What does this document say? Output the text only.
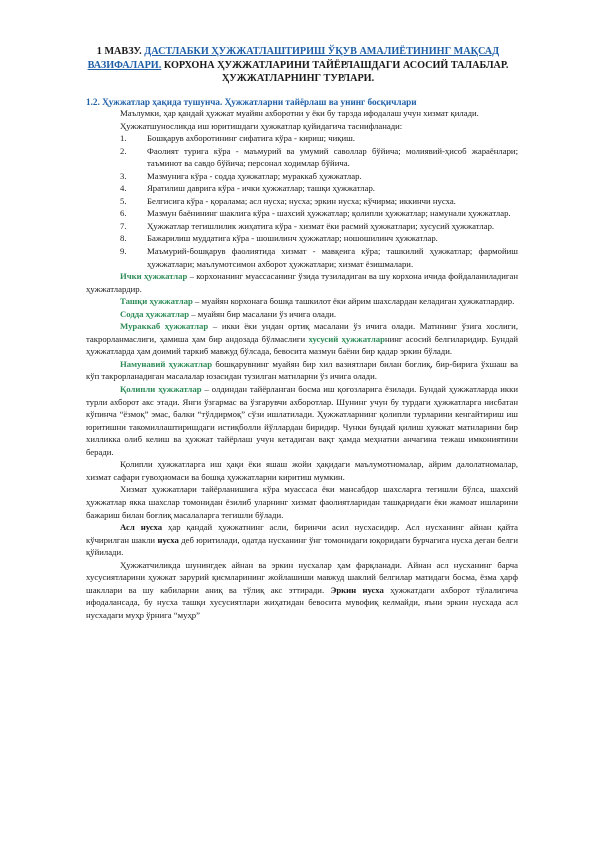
1 МАВЗУ. ДАСТЛАБКИ ҲУЖЖАТЛАШТИРИШ ЎҚУВ АМАЛИЁТИНИНГ МАҚСАД ВАЗИФАЛАРИ. КОРХОНА ҲУЖЖАТЛАРИНИ ТАЙЁРЛАШДАГИ АСОСИЙ ТАЛАБЛАР. ҲУЖЖАТЛАРНИНГ ТУРЛАРИ.

1.2. Ҳужжатлар ҳақида тушунча. Ҳужжатларни тайёрлаш ва унинг босқичлари

Маълумки, ҳар қандай ҳужжат муайян ахборотни у ёки бу тарзда ифодалаш учун хизмат қилади.

Ҳужжатшуносликда иш юритишдаги ҳужжатлар қуйидагича таснифланади:

1. Бошқарув ахборотининг сифатига кўра - кириш; чиқиш.
2. Фаолият турига кўра - маъмурий ва умумий саволлар бўйича; молиявий-ҳисоб жараёнлари; таъминот ва савдо бўйича; персонал ходимлар бўйича.
3. Мазмунига кўра - содда ҳужжатлар; мураккаб ҳужжатлар.
4. Яратилиш даврига кўра - ички ҳужжатлар; ташқи ҳужжатлар.
5. Белгисига кўра - қоралама; асл нусха; нусха; эркин нусха; кўчирма; иккинчи нусха.
6. Мазмун баёнининг шаклига кўра - шахсий ҳужжатлар; қолипли ҳужжатлар; намунали ҳужжатлар.
7. Ҳужжатлар тегишлилик жиҳатига кўра - хизмат ёки расмий ҳужжатлари; хусусий ҳужжатлар.
8. Бажарилиш муддатига кўра - шошилинч ҳужжатлар; ношошилинч ҳужжатлар.
9. Маъмурий-бошқарув фаолиятида хизмат - мавқеига кўра; ташкилий ҳужжатлар; фармойиш ҳужжатлари; маълумотсимон ахборот ҳужжатлари; хизмат ёзишмалари.

Ички ҳужжатлар – корхонанинг муассасанинг ўзида тузиладиган ва шу корхона ичида фойдаланиладиган ҳужжатлардир.

Ташқи ҳужжатлар – муайян корхонага бошқа ташкилот ёки айрим шахслардан келадиган ҳужжатлардир.

Содда ҳужжатлар – муайян бир масалани ўз ичига олади.

Мураккаб ҳужжатлар – икки ёки ундан ортиқ масалани ўз ичига олади. Матннинг ўзига хослиги, такрорланмаслиги, ҳамиша ҳам бир андозада бўлмаслиги хусусий ҳужжатларнинг асосий белгиларидир. Бундай ҳужжатларда ҳам доимий таркиб мавжуд бўлсада, бевосита мазмун баёни бир қадар эркин бўлади.

Намунавий ҳужжатлар бошқарувнинг муайян бир хил вазиятлари билан боғлиқ, бир-бирига ўхшаш ва кўп такрорланадиган масалалар юзасидан тузилган матнларни ўз ичига олади.

Қолипли ҳужжатлар – олдиндан тайёрланган босма иш қоғозларига ёзилади. Бундай ҳужжатларда икки турли ахборот акс этади. Янги ўзгармас ва ўзгарувчи ахборотлар. Шунинг учун бу турдаги ҳужжатларга нисбатан кўпинча “ёзмоқ” эмас, балки “тўлдирмоқ” сўзи ишлатилади. Ҳужжатларнинг қолипли турларини кенгайтириш иш юритишни такомиллаштиришдаги истиқболли йўллардан биридир. Чунки бундай қилиш ҳужжат матнларини бир хилликка олиб келиш ва ҳужжат тайёрлаш учун кетадиган вақт ҳамда меҳнатни анчагина тежаш имкониятини беради.

Қолипли ҳужжатларга иш ҳақи ёки яшаш жойи ҳақидаги маълумотномалар, айрим далолатномалар, хизмат сафари гувоҳномаси ва бошқа ҳужжатларни киритиш мумкин.

Хизмат ҳужжатлари тайёрланишига кўра муассаса ёки мансабдор шахсларга тегишли бўлса, шахсий ҳужжатлар якка шахслар томонидан ёзилиб уларнинг хизмат фаолиятларидан ташқаридаги ёки жамоат ишларини бажариш билан боғлиқ масалаларга тегишли бўлади.

Асл нусха ҳар қандай ҳужжатнинг асли, биринчи асил нусхасидир. Асл нусханинг айнан қайта кўчирилган шакли нусха деб юритилади, одатда нусханинг ўнг томонидаги юқоридаги бурчагига нусха деган белги қўйилади.

Ҳужжатчиликда шунингдек айнан ва эркин нусхалар ҳам фарқланади. Айнан асл нусханинг барча хусусиятларини ҳужжат зарурий қисмларининг жойлашиши мавжуд шаклий белгилар матидаги босма, ёзма ҳарф шакллари ва шу кабиларни аниқ ва тўлиқ акс эттиради. Эркин нусха ҳужжатдаги ахборот тўлалигича ифодалансада, бу нусха ташқи хусусиятлари жиҳатидан бевосита мувофиқ келмайди, яъни эркин нусхада асл нусхадаги муҳр ўрнига “муҳр”
